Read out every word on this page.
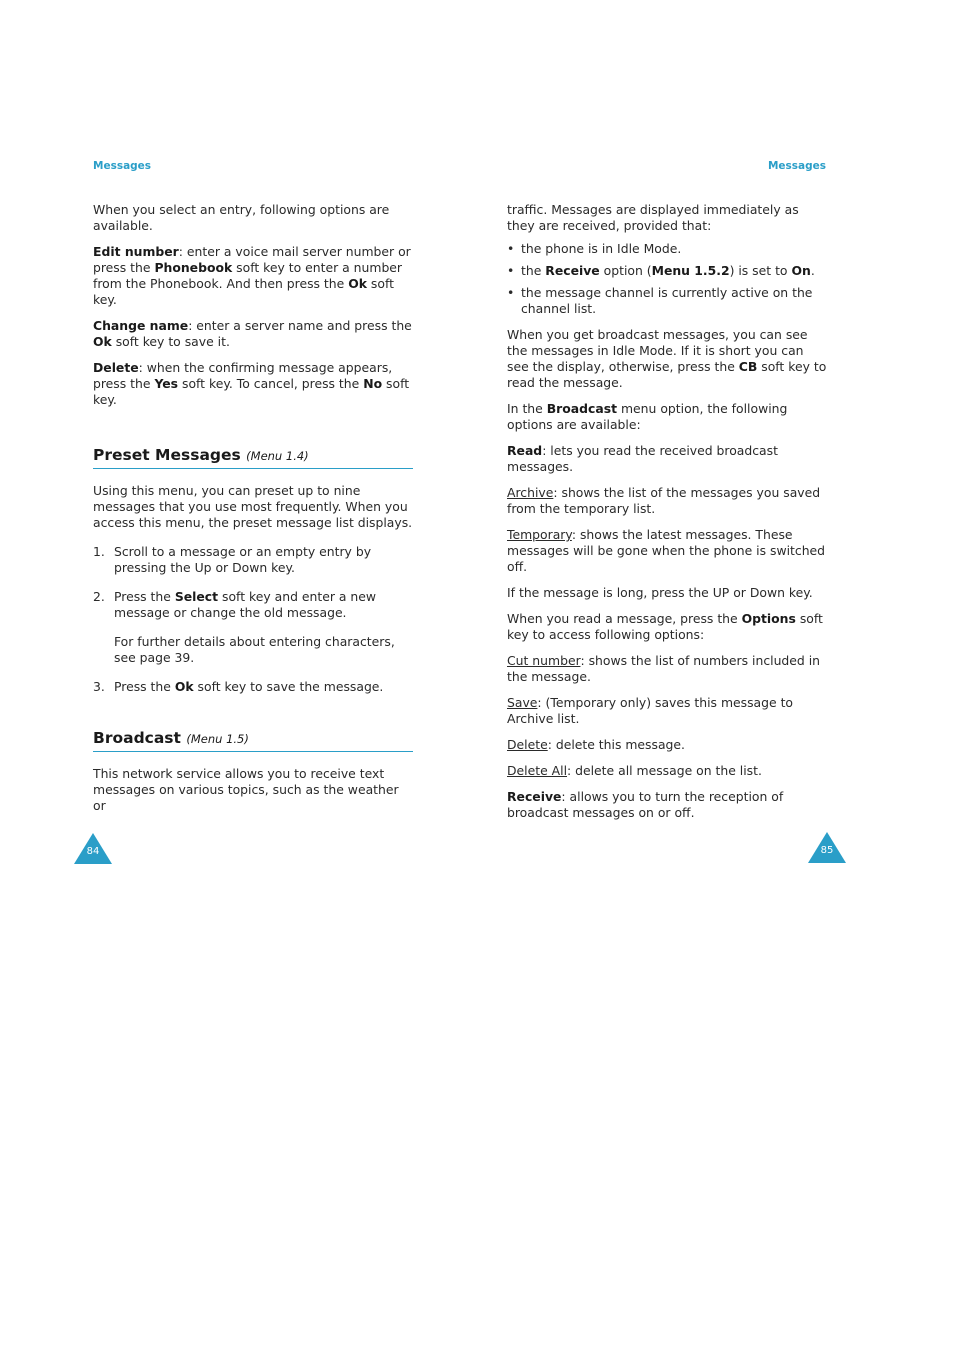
Messages	Messages

When you select an entry, following options are available.

Edit number: enter a voice mail server number or press the Phonebook soft key to enter a number from the Phonebook. And then press the Ok soft key.

Change name: enter a server name and press the Ok soft key to save it.

Delete: when the confirming message appears, press the Yes soft key. To cancel, press the No soft key.

Preset Messages (Menu 1.4)

Using this menu, you can preset up to nine messages that you use most frequently. When you access this menu, the preset message list displays.

1. Scroll to a message or an empty entry by pressing the Up or Down key.
2. Press the Select soft key and enter a new message or change the old message.
For further details about entering characters, see page 39.
3. Press the Ok soft key to save the message.
Broadcast (Menu 1.5)

This network service allows you to receive text messages on various topics, such as the weather or

traffic. Messages are displayed immediately as they are received, provided that:

• the phone is in Idle Mode.
• the Receive option (Menu 1.5.2) is set to On.
• the message channel is currently active on the channel list.

When you get broadcast messages, you can see the messages in Idle Mode. If it is short you can see the display, otherwise, press the CB soft key to read the message.

In the Broadcast menu option, the following options are available:

Read: lets you read the received broadcast messages.

Archive: shows the list of the messages you saved from the temporary list.

Temporary: shows the latest messages. These messages will be gone when the phone is switched off.

If the message is long, press the UP or Down key.

When you read a message, press the Options soft key to access following options:

Cut number: shows the list of numbers included in the message.

Save: (Temporary only) saves this message to Archive list.

Delete: delete this message.

Delete All: delete all message on the list.

Receive: allows you to turn the reception of broadcast messages on or off.

84	85
